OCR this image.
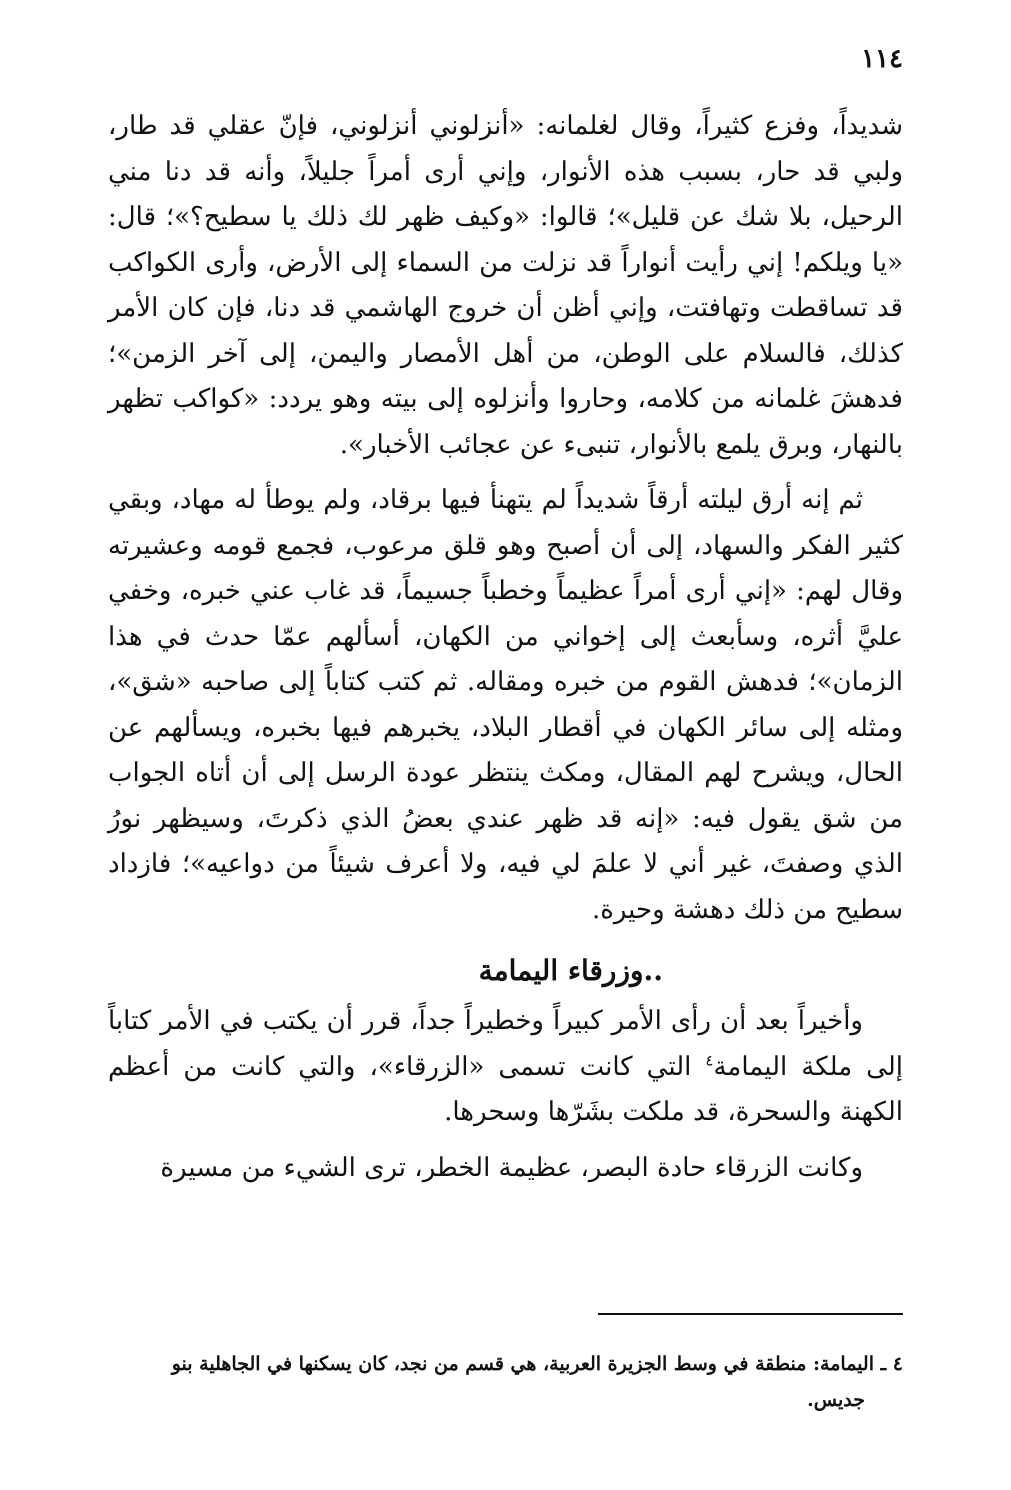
١١٤

شديداً، وفزع كثيراً، وقال لغلمانه: «أنزلوني أنزلوني، فإنّ عقلي قد طار، ولبي قد حار، بسبب هذه الأنوار، وإني أرى أمراً جليلاً، وأنه قد دنا مني الرحيل، بلا شك عن قليل»؛ قالوا: «وكيف ظهر لك ذلك يا سطيح؟»؛ قال: «يا ويلكم! إني رأيت أنواراً قد نزلت من السماء إلى الأرض، وأرى الكواكب قد تساقطت وتهافتت، وإني أظن أن خروج الهاشمي قد دنا، فإن كان الأمر كذلك، فالسلام على الوطن، من أهل الأمصار واليمن، إلى آخر الزمن»؛ فدهشَ غلمانه من كلامه، وحاروا وأنزلوه إلى بيته وهو يردد: «كواكب تظهر بالنهار، وبرق يلمع بالأنوار، تنبىء عن عجائب الأخبار».

ثم إنه أرق ليلته أرقاً شديداً لم يتهنأ فيها برقاد، ولم يوطأ له مهاد، وبقي كثير الفكر والسهاد، إلى أن أصبح وهو قلق مرعوب، فجمع قومه وعشيرته وقال لهم: «إني أرى أمراً عظيماً وخطباً جسيماً، قد غاب عني خبره، وخفي عليَّ أثره، وسأبعث إلى إخواني من الكهان، أسألهم عمّا حدث في هذا الزمان»؛ فدهش القوم من خبره ومقاله. ثم كتب كتاباً إلى صاحبه «شق»، ومثله إلى سائر الكهان في أقطار البلاد، يخبرهم فيها بخبره، ويسألهم عن الحال، ويشرح لهم المقال، ومكث ينتظر عودة الرسل إلى أن أتاه الجواب من شق يقول فيه: «إنه قد ظهر عندي بعضُ الذي ذكرتَ، وسيظهر نورُ الذي وصفتَ، غير أني لا علمَ لي فيه، ولا أعرف شيئاً من دواعيه»؛ فازداد سطيح من ذلك دهشة وحيرة.

..وزرقاء اليمامة

وأخيراً بعد أن رأى الأمر كبيراً وخطيراً جداً، قرر أن يكتب في الأمر كتاباً إلى ملكة اليمامة$^٤$ التي كانت تسمى «الزرقاء»، والتي كانت من أعظم الكهنة والسحرة، قد ملكت بشَرّها وسحرها.

وكانت الزرقاء حادة البصر، عظيمة الخطر، ترى الشيء من مسيرة

٤ ـ اليمامة: منطقة في وسط الجزيرة العربية، هي قسم من نجد، كان يسكنها في الجاهلية بنو
جديس.
